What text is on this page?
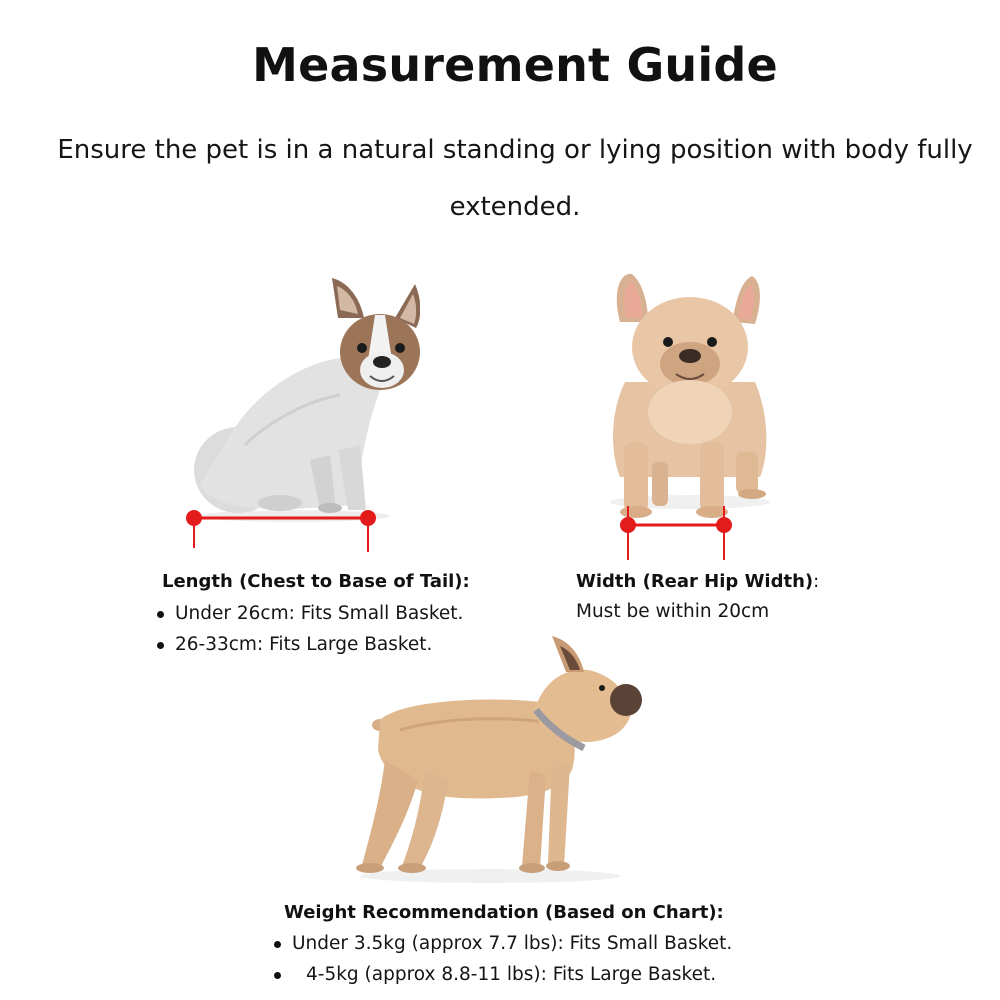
Measurement Guide
Ensure the pet is in a natural standing or lying position with body fully extended.
Length (Chest to Base of Tail):
Under 26cm: Fits Small Basket.
26-33cm: Fits Large Basket.
Width (Rear Hip Width):
Must be within 20cm
Weight Recommendation (Based on Chart):
Under 3.5kg (approx 7.7 lbs): Fits Small Basket.
4-5kg (approx 8.8-11 lbs): Fits Large Basket.
